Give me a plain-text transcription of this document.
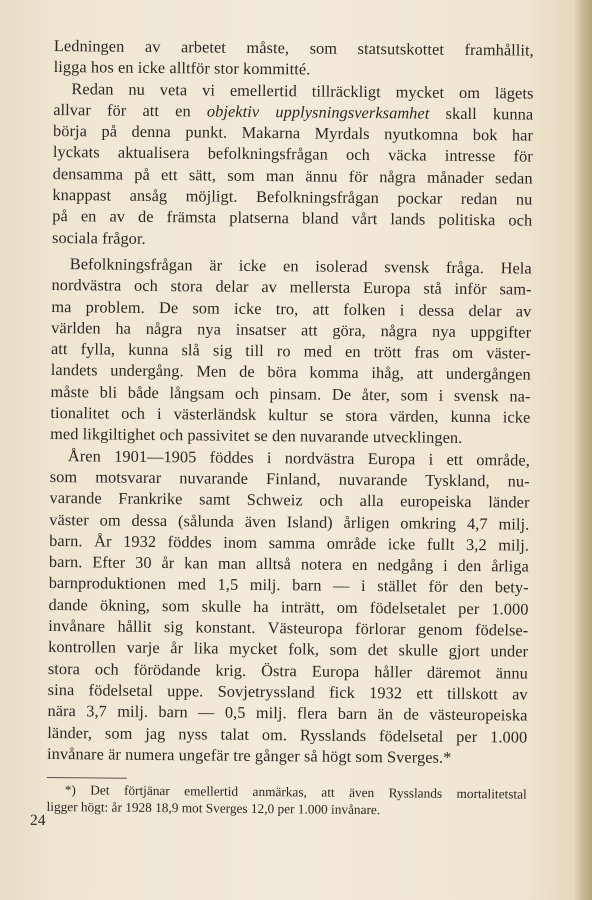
Ledningen av arbetet måste, som statsutskottet framhållit,
ligga hos en icke alltför stor kommitté.

Redan nu veta vi emellertid tillräckligt mycket om lägets
allvar för att en objektiv upplysningsverksamhet skall kunna
börja på denna punkt. Makarna Myrdals nyutkomna bok har
lyckats aktualisera befolkningsfrågan och väcka intresse för
densamma på ett sätt, som man ännu för några månader sedan
knappast ansåg möjligt. Befolkningsfrågan pockar redan nu
på en av de främsta platserna bland vårt lands politiska och
sociala frågor.

Befolkningsfrågan är icke en isolerad svensk fråga. Hela
nordvästra och stora delar av mellersta Europa stå inför sam-
ma problem. De som icke tro, att folken i dessa delar av
världen ha några nya insatser att göra, några nya uppgifter
att fylla, kunna slå sig till ro med en trött fras om väster-
landets undergång. Men de böra komma ihåg, att undergången
måste bli både långsam och pinsam. De åter, som i svensk na-
tionalitet och i västerländsk kultur se stora värden, kunna icke
med likgiltighet och passivitet se den nuvarande utvecklingen.

Åren 1901—1905 föddes i nordvästra Europa i ett område,
som motsvarar nuvarande Finland, nuvarande Tyskland, nu-
varande Frankrike samt Schweiz och alla europeiska länder
väster om dessa (sålunda även Island) årligen omkring 4,7 milj.
barn. År 1932 föddes inom samma område icke fullt 3,2 milj.
barn. Efter 30 år kan man alltså notera en nedgång i den årliga
barnproduktionen med 1,5 milj. barn — i stället för den bety-
dande ökning, som skulle ha inträtt, om födelsetalet per 1.000
invånare hållit sig konstant. Västeuropa förlorar genom födelse-
kontrollen varje år lika mycket folk, som det skulle gjort under
stora och förödande krig. Östra Europa håller däremot ännu
sina födelsetal uppe. Sovjetryssland fick 1932 ett tillskott av
nära 3,7 milj. barn — 0,5 milj. flera barn än de västeuropeiska
länder, som jag nyss talat om. Rysslands födelsetal per 1.000
invånare är numera ungefär tre gånger så högt som Sverges.*

*) Det förtjänar emellertid anmärkas, att även Rysslands mortalitetstal
ligger högt: år 1928 18,9 mot Sverges 12,0 per 1.000 invånare.

24
